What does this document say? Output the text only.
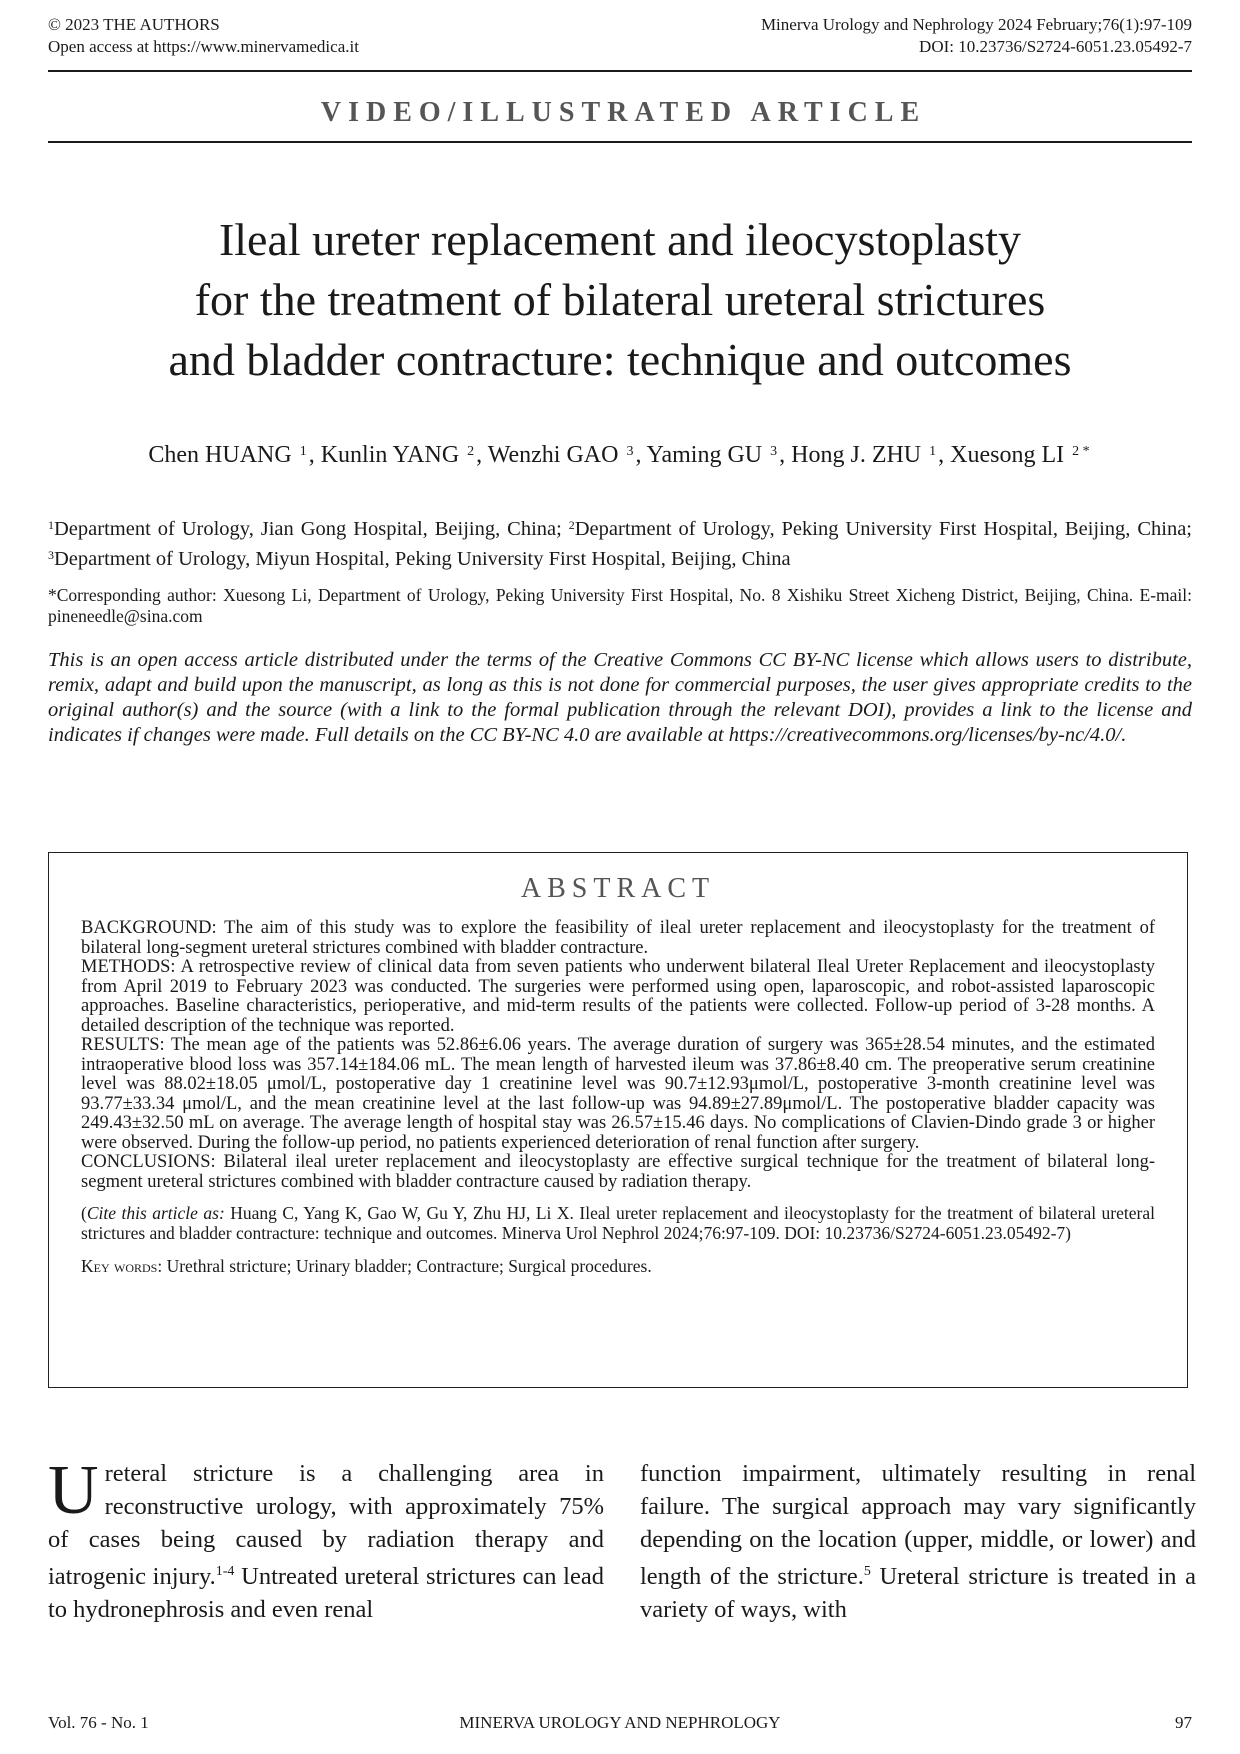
© 2023 THE AUTHORS
Open access at https://www.minervamedica.it
Minerva Urology and Nephrology 2024 February;76(1):97-109
DOI: 10.23736/S2724-6051.23.05492-7
VIDEO/ILLUSTRATED ARTICLE
Ileal ureter replacement and ileocystoplasty
for the treatment of bilateral ureteral strictures
and bladder contracture: technique and outcomes
Chen HUANG $^1$, Kunlin YANG $^2$, Wenzhi GAO $^3$, Yaming GU $^3$, Hong J. ZHU $^1$, Xuesong LI $^{2 *}$
$^1$Department of Urology, Jian Gong Hospital, Beijing, China; $^2$Department of Urology, Peking University First Hospital, Beijing, China; $^3$Department of Urology, Miyun Hospital, Peking University First Hospital, Beijing, China
*Corresponding author: Xuesong Li, Department of Urology, Peking University First Hospital, No. 8 Xishiku Street Xicheng District, Beijing, China. E-mail: pineneedle@sina.com
This is an open access article distributed under the terms of the Creative Commons CC BY-NC license which allows users to distribute, remix, adapt and build upon the manuscript, as long as this is not done for commercial purposes, the user gives appropriate credits to the original author(s) and the source (with a link to the formal publication through the relevant DOI), provides a link to the license and indicates if changes were made. Full details on the CC BY-NC 4.0 are available at https://creativecommons.org/licenses/by-nc/4.0/.
ABSTRACT

BACKGROUND: The aim of this study was to explore the feasibility of ileal ureter replacement and ileocystoplasty for the treatment of bilateral long-segment ureteral strictures combined with bladder contracture.

METHODS: A retrospective review of clinical data from seven patients who underwent bilateral Ileal Ureter Replacement and ileocystoplasty from April 2019 to February 2023 was conducted. The surgeries were performed using open, laparoscopic, and robot-assisted laparoscopic approaches. Baseline characteristics, perioperative, and mid-term results of the patients were collected. Follow-up period of 3-28 months. A detailed description of the technique was reported.

RESULTS: The mean age of the patients was 52.86±6.06 years. The average duration of surgery was 365±28.54 minutes, and the estimated intraoperative blood loss was 357.14±184.06 mL. The mean length of harvested ileum was 37.86±8.40 cm. The preoperative serum creatinine level was 88.02±18.05 μmol/L, postoperative day 1 creatinine level was 90.7±12.93μmol/L, postoperative 3-month creatinine level was 93.77±33.34 μmol/L, and the mean creatinine level at the last follow-up was 94.89±27.89μmol/L. The postoperative bladder capacity was 249.43±32.50 mL on average. The average length of hospital stay was 26.57±15.46 days. No complications of Clavien-Dindo grade 3 or higher were observed. During the follow-up period, no patients experienced deterioration of renal function after surgery.

CONCLUSIONS: Bilateral ileal ureter replacement and ileocystoplasty are effective surgical technique for the treatment of bilateral long-segment ureteral strictures combined with bladder contracture caused by radiation therapy.

(Cite this article as: Huang C, Yang K, Gao W, Gu Y, Zhu HJ, Li X. Ileal ureter replacement and ileocystoplasty for the treatment of bilateral ureteral strictures and bladder contracture: technique and outcomes. Minerva Urol Nephrol 2024;76:97-109. DOI: 10.23736/S2724-6051.23.05492-7)

Key words: Urethral stricture; Urinary bladder; Contracture; Surgical procedures.

Ureteral stricture is a challenging area in reconstructive urology, with approximately 75% of cases being caused by radiation therapy and iatrogenic injury.$^{1-4}$ Untreated ureteral strictures can lead to hydronephrosis and even renal
function impairment, ultimately resulting in renal failure. The surgical approach may vary significantly depending on the location (upper, middle, or lower) and length of the stricture.$^5$ Ureteral stricture is treated in a variety of ways, with
Vol. 76 - No. 1	MINERVA UROLOGY AND NEPHROLOGY	97
